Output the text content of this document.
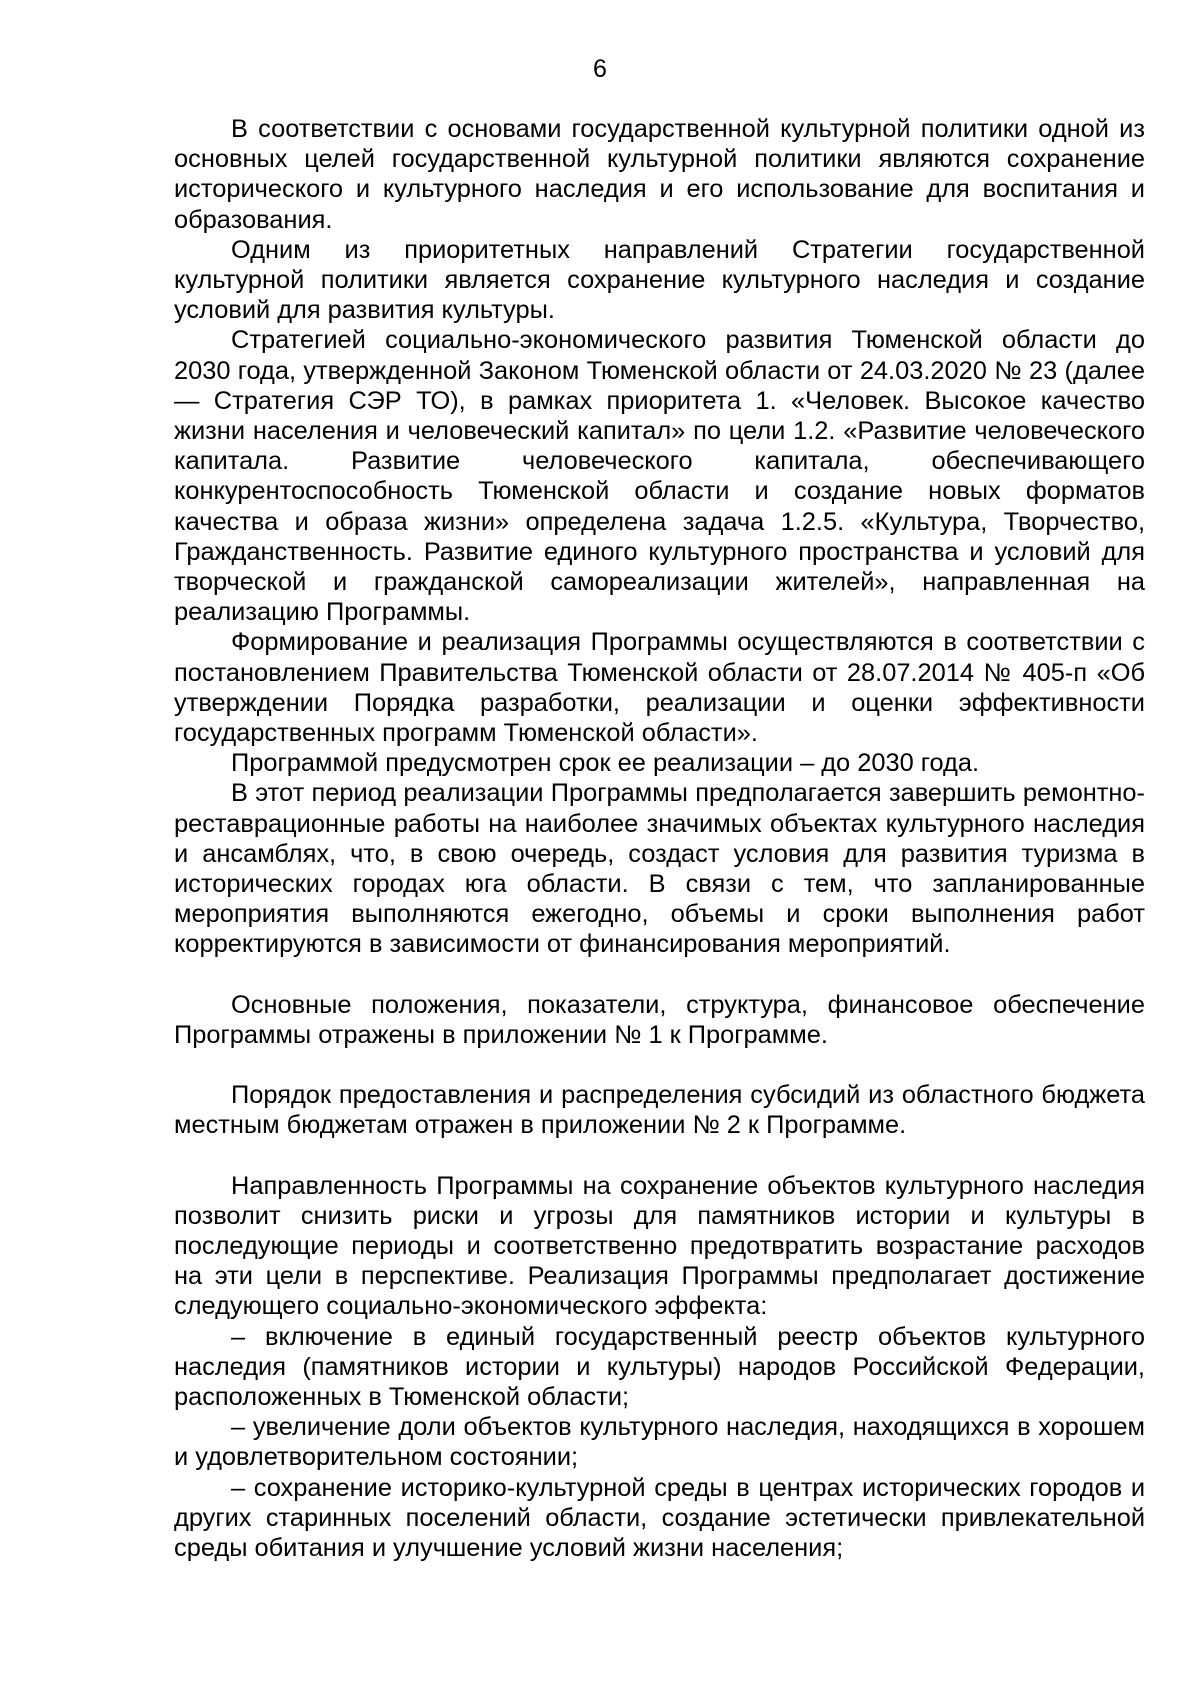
6

В соответствии с основами государственной культурной политики одной из основных целей государственной культурной политики являются сохранение исторического и культурного наследия и его использование для воспитания и образования.

Одним из приоритетных направлений Стратегии государственной культурной политики является сохранение культурного наследия и создание условий для развития культуры.

Стратегией социально-экономического развития Тюменской области до 2030 года, утвержденной Законом Тюменской области от 24.03.2020 № 23 (далее — Стратегия СЭР ТО), в рамках приоритета 1. «Человек. Высокое качество жизни населения и человеческий капитал» по цели 1.2. «Развитие человеческого капитала. Развитие человеческого капитала, обеспечивающего конкурентоспособность Тюменской области и создание новых форматов качества и образа жизни» определена задача 1.2.5. «Культура, Творчество, Гражданственность. Развитие единого культурного пространства и условий для творческой и гражданской самореализации жителей», направленная на реализацию Программы.

Формирование и реализация Программы осуществляются в соответствии с постановлением Правительства Тюменской области от 28.07.2014 № 405-п «Об утверждении Порядка разработки, реализации и оценки эффективности государственных программ Тюменской области».

Программой предусмотрен срок ее реализации – до 2030 года.

В этот период реализации Программы предполагается завершить ремонтно-реставрационные работы на наиболее значимых объектах культурного наследия и ансамблях, что, в свою очередь, создаст условия для развития туризма в исторических городах юга области. В связи с тем, что запланированные мероприятия выполняются ежегодно, объемы и сроки выполнения работ корректируются в зависимости от финансирования мероприятий.

Основные положения, показатели, структура, финансовое обеспечение Программы отражены в приложении № 1 к Программе.

Порядок предоставления и распределения субсидий из областного бюджета местным бюджетам отражен в приложении № 2 к Программе.

Направленность Программы на сохранение объектов культурного наследия позволит снизить риски и угрозы для памятников истории и культуры в последующие периоды и соответственно предотвратить возрастание расходов на эти цели в перспективе. Реализация Программы предполагает достижение следующего социально-экономического эффекта:

– включение в единый государственный реестр объектов культурного наследия (памятников истории и культуры) народов Российской Федерации, расположенных в Тюменской области;

– увеличение доли объектов культурного наследия, находящихся в хорошем и удовлетворительном состоянии;

– сохранение историко-культурной среды в центрах исторических городов и других старинных поселений области, создание эстетически привлекательной среды обитания и улучшение условий жизни населения;
